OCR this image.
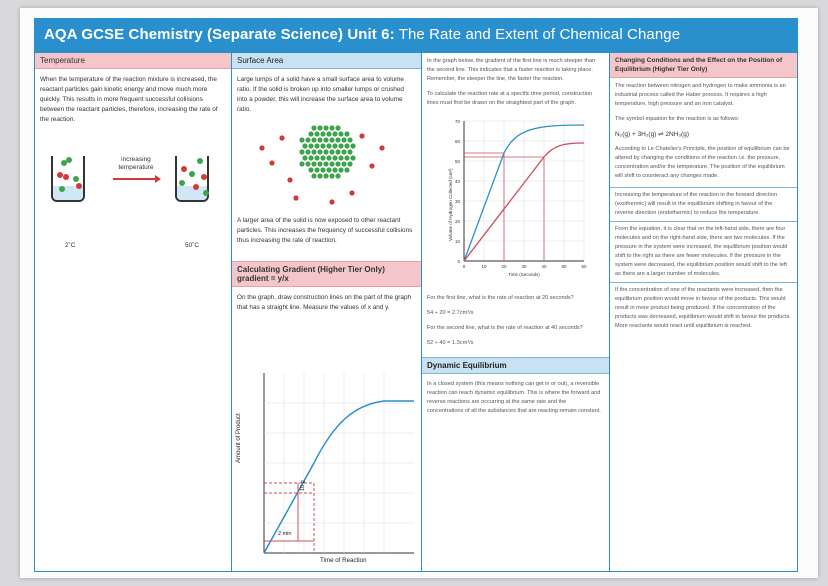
AQA GCSE Chemistry (Separate Science) Unit 6: The Rate and Extent of Chemical Change
Temperature
When the temperature of the reaction mixture is increased, the reactant particles gain kinetic energy and move much more quickly. This results in more frequent successful collisions between the reactant particles, therefore, increasing the rate of the reaction.
2˚C
increasing temperature
50˚C
Surface Area
Large lumps of a solid have a small surface area to volume ratio. If the solid is broken up into smaller lumps or crushed into a powder, this will increase the surface area to volume ratio.
A larger area of the solid is now exposed to other reactant particles. This increases the frequency of successful collisions thus increasing the rate of reaction.
Calculating Gradient (Higher Tier Only) gradient = y/x
On the graph, draw construction lines on the part of the graph that has a straight line. Measure the values of x and y.
Amount of Product
Time of Reaction
10 g
2 min
In the graph below, the gradient of the first line is much steeper than the second line. This indicates that a faster reaction is taking place. Remember, the steeper the line, the faster the reaction.
To calculate the reaction rate at a specific time period, construction lines must first be drawn on the straightest part of the graph.
70
60
50
40
30
20
10
0
0	10	20	30	40	50	60
Volume of Hydrogen Collected (cm³)
Time (Seconds)
For the first line, what is the rate of reaction at 20 seconds?
54 ÷ 20 = 2.7cm³/s
For the second line, what is the rate of reaction at 40 seconds?
52 ÷ 40 = 1.3cm³/s
Dynamic Equilibrium
In a closed system (this means nothing can get in or out), a reversible reaction can reach dynamic equilibrium. This is where the forward and reverse reactions are occurring at the same rate and the concentrations of all the substances that are reacting remain constant.
Changing Conditions and the Effect on the Position of Equilibrium (Higher Tier Only)
The reaction between nitrogen and hydrogen to make ammonia is an industrial process called the Haber process. It requires a high temperature, high pressure and an iron catalyst.
The symbol equation for the reaction is as follows:
N₂(g) + 3H₂(g) ⇌ 2NH₃(g)
According to Le Chatelier's Principle, the position of equilibrium can be altered by changing the conditions of the reaction i.e. the pressure, concentration and/or the temperature. The position of the equilibrium will shift to counteract any changes made.
Increasing the temperature of the reaction in the forward direction (exothermic) will result in the equilibrium shifting in favour of the reverse direction (endothermic) to reduce the temperature.
From the equation, it is clear that on the left-hand side, there are four molecules and on the right-hand side, there are two molecules. If the pressure in the system were increased, the equilibrium position would shift to the right as there are fewer molecules. If the pressure in the system were decreased, the equilibrium position would shift to the left as there are a larger number of molecules.
If the concentration of one of the reactants were increased, then the equilibrium position would move in favour of the products. This would result in more product being produced. If the concentration of the products was decreased, equilibrium would shift to favour the products. More reactants would react until equilibrium is reached.
